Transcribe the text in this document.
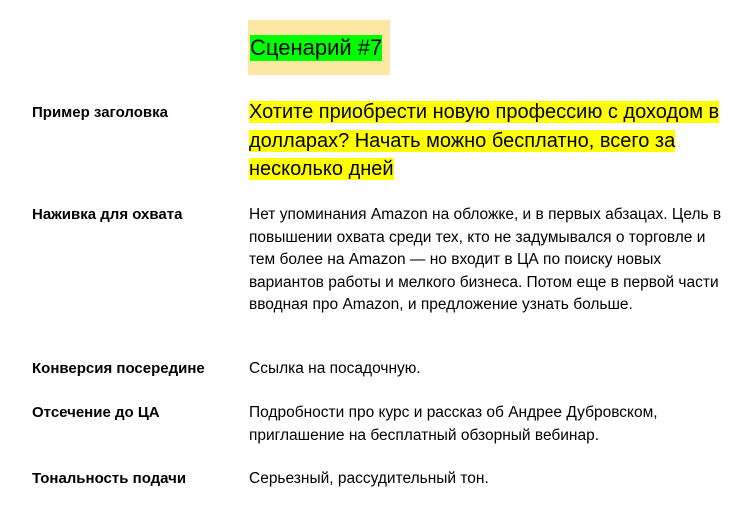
Сценарий #7
Пример заголовка	Хотите приобрести новую профессию с доходом в долларах? Начать можно бесплатно, всего за несколько дней
Наживка для охвата	Нет упоминания Amazon на обложке, и в первых абзацах. Цель в повышении охвата среди тех, кто не задумывался о торговле и тем более на Amazon — но входит в ЦА по поиску новых вариантов работы и мелкого бизнеса. Потом еще в первой части вводная про Amazon, и предложение узнать больше.
Конверсия посередине	Ссылка на посадочную.
Отсечение до ЦА	Подробности про курс и рассказ об Андрее Дубровском, приглашение на бесплатный обзорный вебинар.
Тональность подачи	Серьезный, рассудительный тон.
